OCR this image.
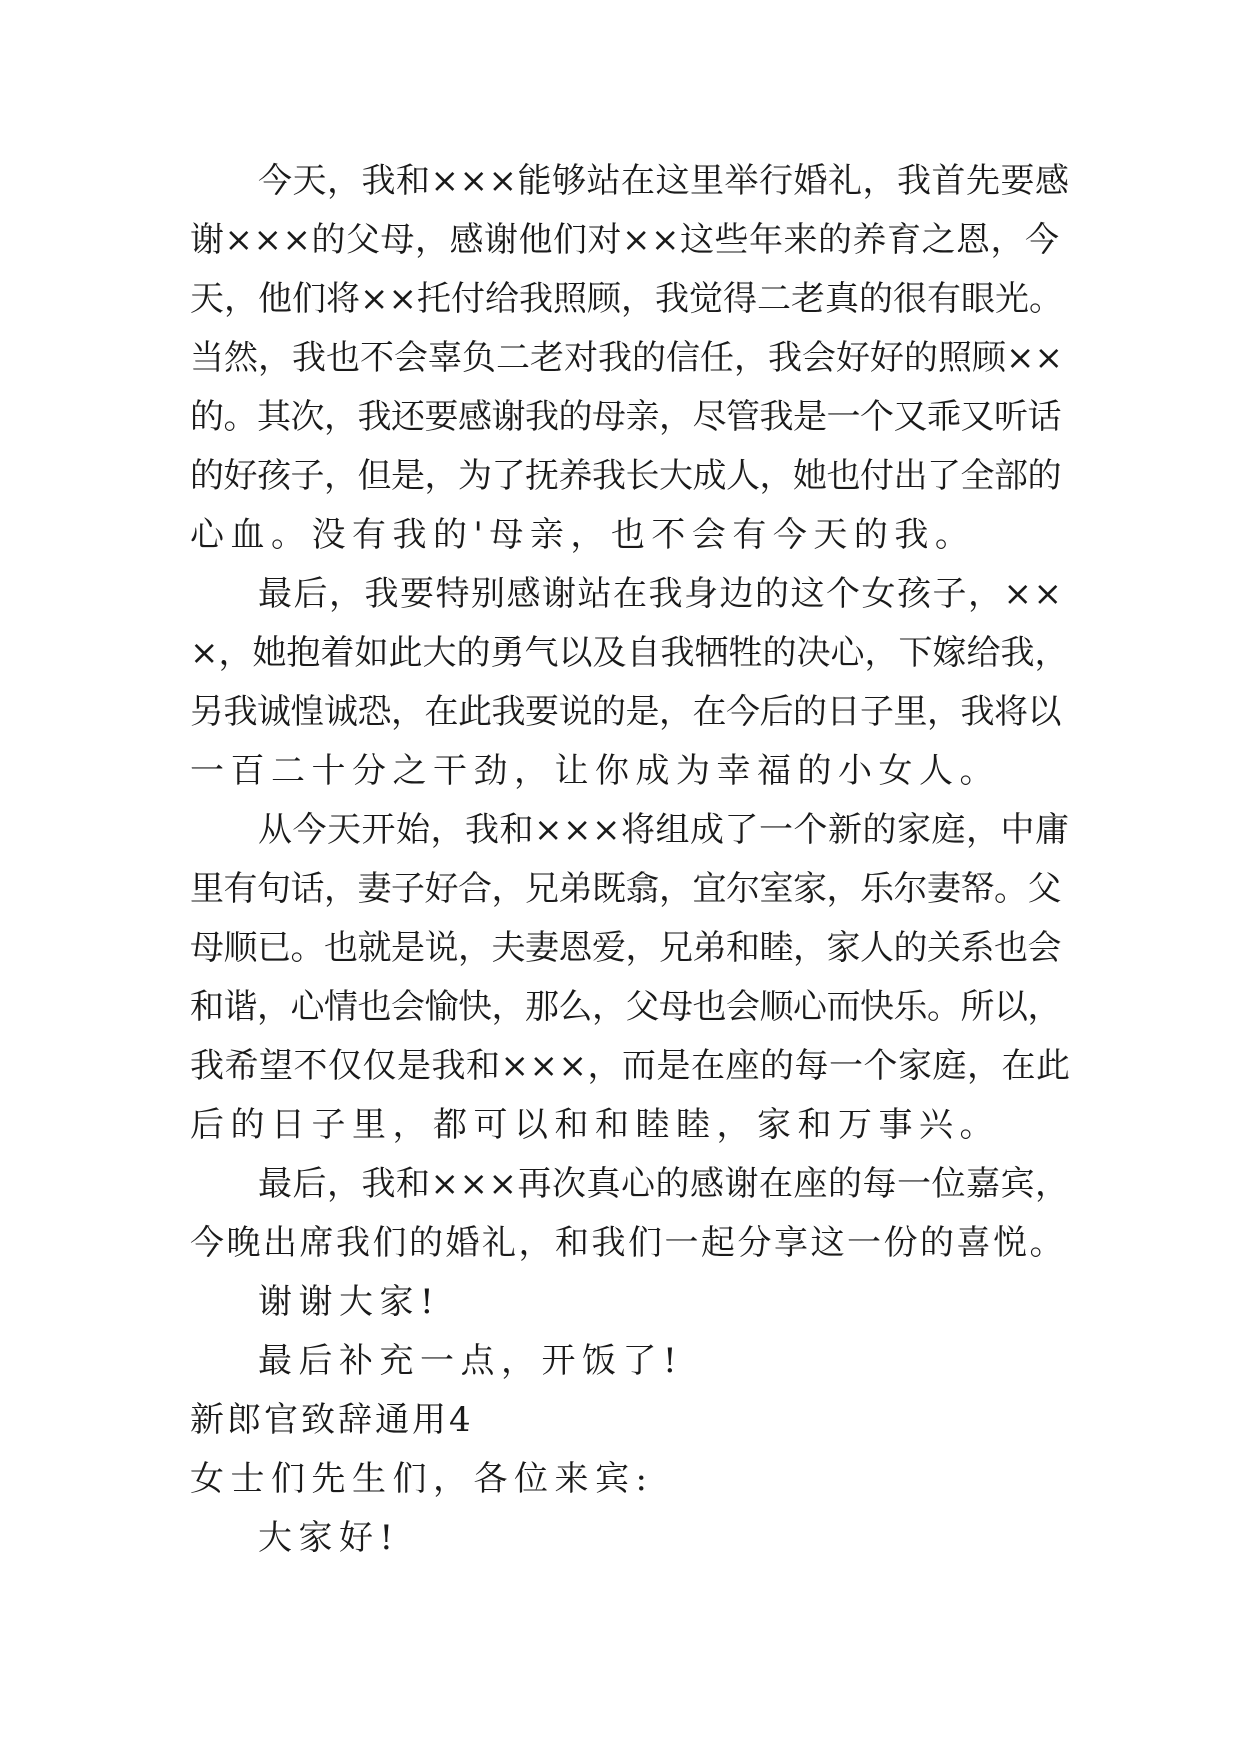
今天，我和×××能够站在这里举行婚礼，我首先要感
谢×××的父母，感谢他们对××这些年来的养育之恩，今
天，他们将××托付给我照顾，我觉得二老真的很有眼光。
当然，我也不会辜负二老对我的信任，我会好好的照顾××
的。其次，我还要感谢我的母亲，尽管我是一个又乖又听话
的好孩子，但是，为了抚养我长大成人，她也付出了全部的
心血。没有我的'母亲，也不会有今天的我。
最后，我要特别感谢站在我身边的这个女孩子，××
×，她抱着如此大的勇气以及自我牺牲的决心，下嫁给我，
另我诚惶诚恐，在此我要说的是，在今后的日子里，我将以
一百二十分之干劲，让你成为幸福的小女人。
从今天开始，我和×××将组成了一个新的家庭，中庸
里有句话，妻子好合，兄弟既翕，宜尔室家，乐尔妻帑。父
母顺已。也就是说，夫妻恩爱，兄弟和睦，家人的关系也会
和谐，心情也会愉快，那么，父母也会顺心而快乐。所以，
我希望不仅仅是我和×××，而是在座的每一个家庭，在此
后的日子里，都可以和和睦睦，家和万事兴。
最后，我和×××再次真心的感谢在座的每一位嘉宾，
今晚出席我们的婚礼，和我们一起分享这一份的喜悦。
谢谢大家!
最后补充一点，开饭了!
新郎官致辞通用4
女士们先生们，各位来宾:
大家好!
